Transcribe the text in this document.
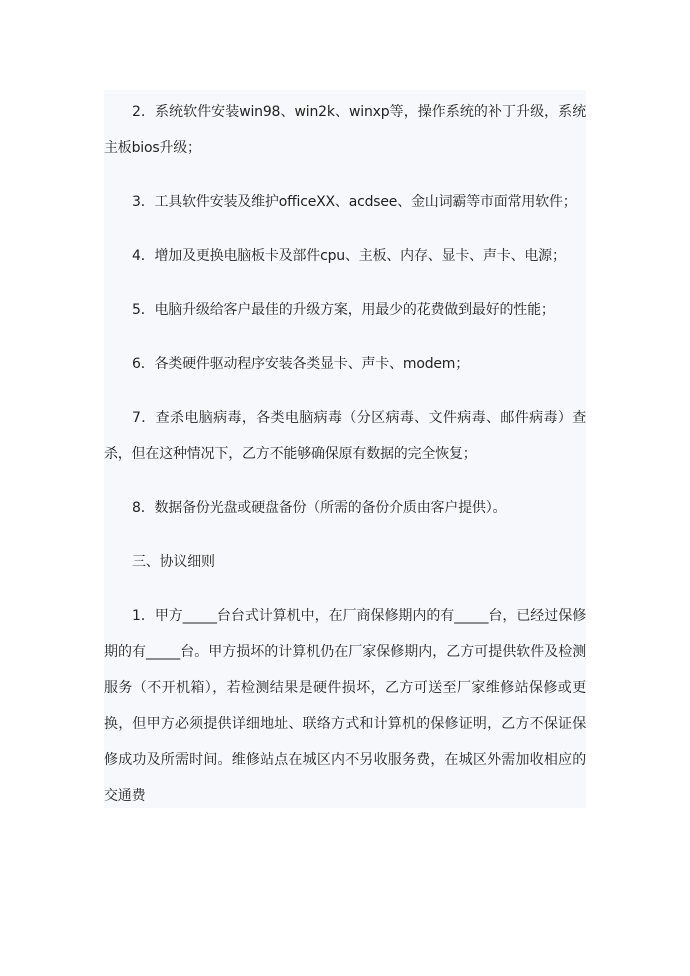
2．系统软件安装win98、win2k、winxp等，操作系统的补丁升级，系统主板bios升级；

3．工具软件安装及维护officeXX、acdsee、金山词霸等市面常用软件；

4．增加及更换电脑板卡及部件cpu、主板、内存、显卡、声卡、电源；

5．电脑升级给客户最佳的升级方案，用最少的花费做到最好的性能；

6．各类硬件驱动程序安装各类显卡、声卡、modem；

7．查杀电脑病毒，各类电脑病毒（分区病毒、文件病毒、邮件病毒）查杀，但在这种情况下，乙方不能够确保原有数据的完全恢复；

8．数据备份光盘或硬盘备份（所需的备份介质由客户提供）。

三、协议细则

1．甲方_____台台式计算机中，在厂商保修期内的有_____台，已经过保修期的有_____台。甲方损坏的计算机仍在厂家保修期内，乙方可提供软件及检测服务（不开机箱），若检测结果是硬件损坏，乙方可送至厂家维修站保修或更换，但甲方必须提供详细地址、联络方式和计算机的保修证明，乙方不保证保修成功及所需时间。维修站点在城区内不另收服务费，在城区外需加收相应的交通费
